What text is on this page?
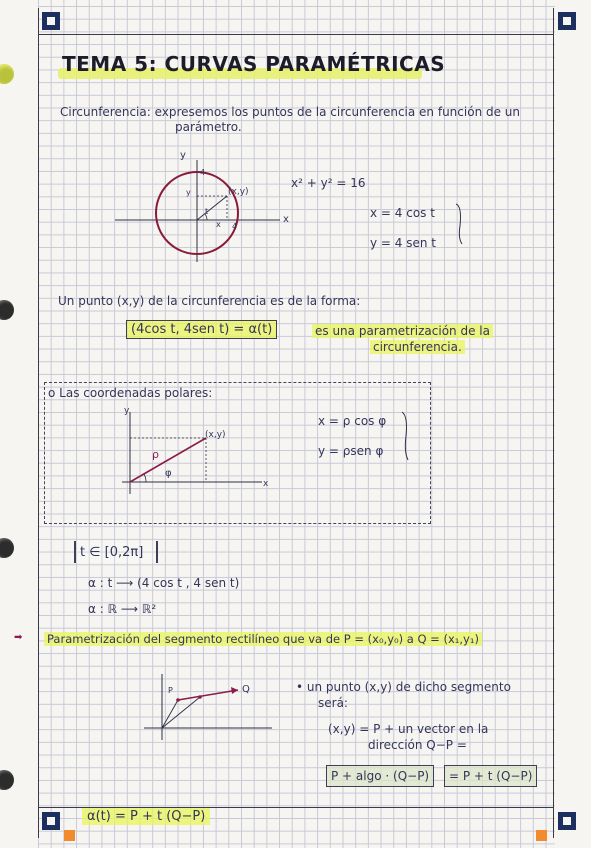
TEMA 5: CURVAS PARAMÉTRICAS
Circunferencia: expresemos los puntos de la circunferencia en función de un
parámetro.
y
x
4
4
(x,y)
t
x
y
x² + y² = 16
x = 4 cos t
y = 4 sen t
Un punto (x,y) de la circunferencia es de la forma:
(4cos t, 4sen t) = α(t)	es una parametrización de la
circunferencia.
o Las coordenadas polares:
y
x
(x,y)
ρ
φ
x = ρ cos φ
y = ρsen φ
t ∈ [0,2π]
α : t ⟶ (4 cos t , 4 sen t)
α : ℝ ⟶ ℝ²
➡ Parametrización del segmento rectilíneo que va de P = (x₀,y₀) a Q = (x₁,y₁)
P	Q	• un punto (x,y) de dicho segmento
será:
(x,y) = P + un vector en la
dirección Q−P =
P + algo · (Q−P)	= P + t (Q−P)
α(t) = P + t (Q−P)
